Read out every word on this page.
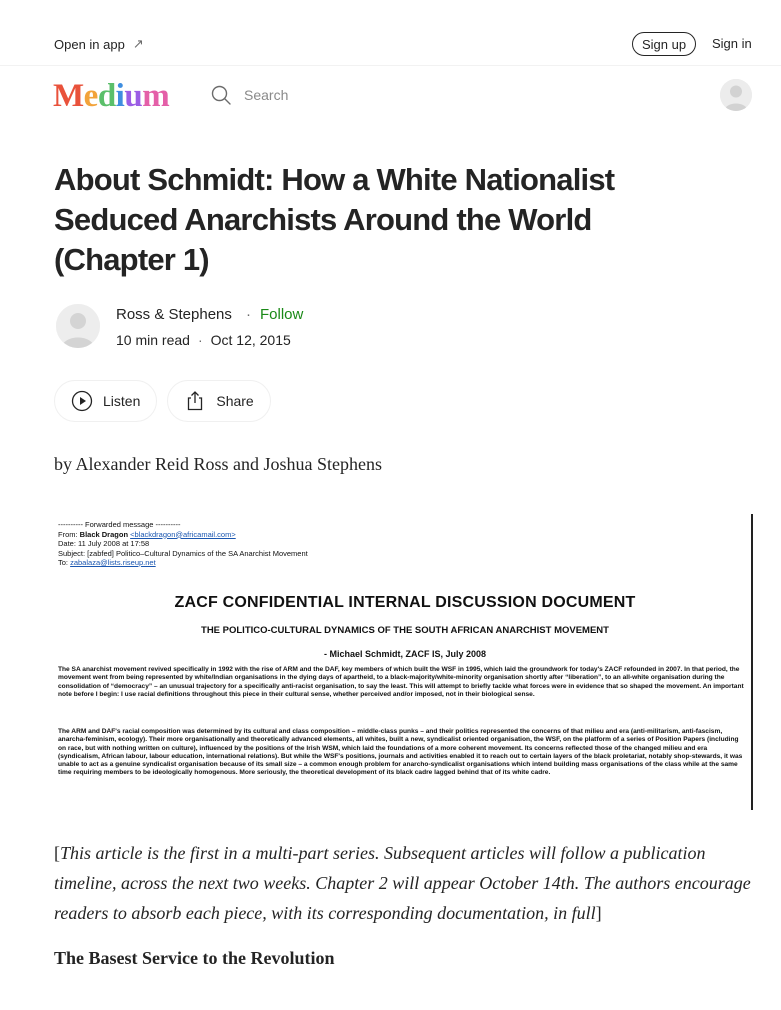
Open in app ↗	Sign up	Sign in
Medium	Search
About Schmidt: How a White Nationalist Seduced Anarchists Around the World (Chapter 1)
Ross & Stephens · Follow
10 min read · Oct 12, 2015
Listen	Share

by Alexander Reid Ross and Joshua Stephens

---------- Forwarded message ----------
From: Black Dragon <blackdragon@africamail.com>
Date: 11 July 2008 at 17:58
Subject: [zabfed] Politico–Cultural Dynamics of the SA Anarchist Movement
To: zabalaza@lists.riseup.net
ZACF CONFIDENTIAL INTERNAL DISCUSSION DOCUMENT
THE POLITICO-CULTURAL DYNAMICS OF THE SOUTH AFRICAN ANARCHIST MOVEMENT
- Michael Schmidt, ZACF IS, July 2008
The SA anarchist movement revived specifically in 1992 with the rise of ARM and the DAF, key members of which built the WSF in 1995, which laid the groundwork for today's ZACF refounded in 2007. In that period, the movement went from being represented by white/Indian organisations in the dying days of apartheid, to a black-majority/white-minority organisation shortly after “liberation”, to an all-white organisation during the consolidation of “democracy” – an unusual trajectory for a specifically anti-racist organisation, to say the least. This will attempt to briefly tackle what forces were in evidence that so shaped the movement. An important note before I begin: I use racial definitions throughout this piece in their cultural sense, whether perceived and/or imposed, not in their biological sense.
The ARM and DAF's racial composition was determined by its cultural and class composition – middle-class punks – and their politics represented the concerns of that milieu and era (anti-militarism, anti-fascism, anarcha-feminism, ecology). Their more organisationally and theoretically advanced elements, all whites, built a new, syndicalist oriented organisation, the WSF, on the platform of a series of Position Papers (including on race, but with nothing written on culture), influenced by the positions of the Irish WSM, which laid the foundations of a more coherent movement. Its concerns reflected those of the changed milieu and era (syndicalism, African labour, labour education, international relations). But while the WSF's positions, journals and activities enabled it to reach out to certain layers of the black proletariat, notably shop-stewards, it was unable to act as a genuine syndicalist organisation because of its small size – a common enough problem for anarcho-syndicalist organisations which intend building mass organisations of the class while at the same time requiring members to be ideologically homogenous. More seriously, the theoretical development of its black cadre lagged behind that of its white cadre.

[This article is the first in a multi-part series. Subsequent articles will follow a publication timeline, across the next two weeks. Chapter 2 will appear October 14th. The authors encourage readers to absorb each piece, with its corresponding documentation, in full]

The Basest Service to the Revolution
